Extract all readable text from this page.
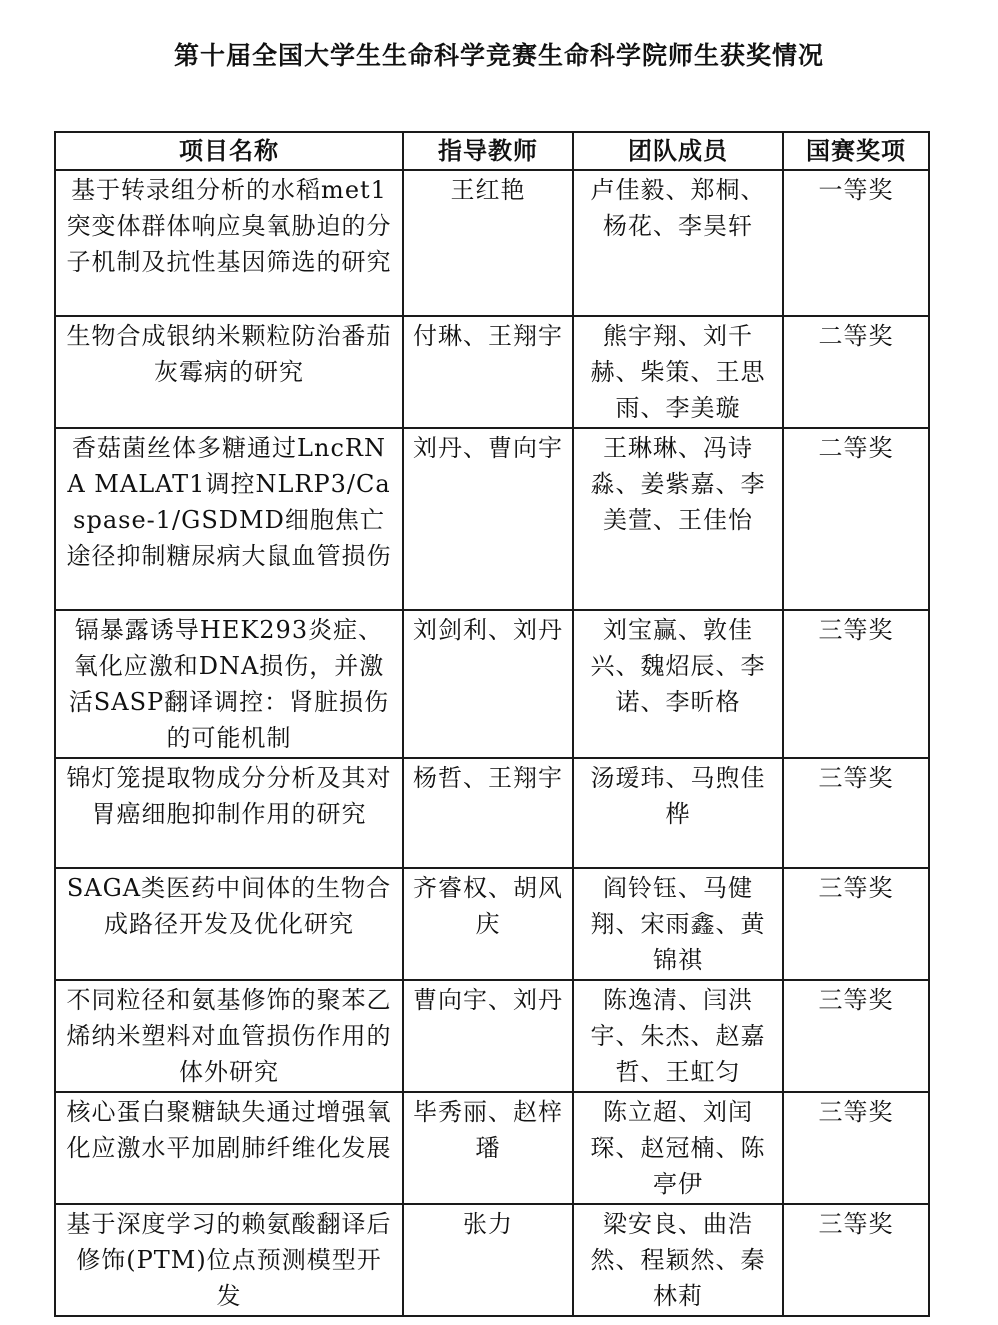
第十届全国大学生生命科学竞赛生命科学院师生获奖情况
项目名称	指导教师	团队成员	国赛奖项
基于转录组分析的水稻met1突变体群体响应臭氧胁迫的分子机制及抗性基因筛选的研究	王红艳	卢佳毅、郑桐、杨花、李昊轩	一等奖
生物合成银纳米颗粒防治番茄灰霉病的研究	付琳、王翔宇	熊宇翔、刘千赫、柴策、王思雨、李美璇	二等奖
香菇菌丝体多糖通过LncRNA MALAT1调控NLRP3/Caspase-1/GSDMD细胞焦亡途径抑制糖尿病大鼠血管损伤	刘丹、曹向宇	王琳琳、冯诗淼、姜紫嘉、李美萱、王佳怡	二等奖
镉暴露诱导HEK293炎症、氧化应激和DNA损伤，并激活SASP翻译调控：肾脏损伤的可能机制	刘剑利、刘丹	刘宝赢、敦佳兴、魏炤辰、李诺、李昕格	三等奖
锦灯笼提取物成分分析及其对胃癌细胞抑制作用的研究	杨哲、王翔宇	汤瑷玮、马煦佳桦	三等奖
SAGA类医药中间体的生物合成路径开发及优化研究	齐睿权、胡风庆	阎铃钰、马健翔、宋雨鑫、黄锦祺	三等奖
不同粒径和氨基修饰的聚苯乙烯纳米塑料对血管损伤作用的体外研究	曹向宇、刘丹	陈逸清、闫洪宇、朱杰、赵嘉哲、王虹匀	三等奖
核心蛋白聚糖缺失通过增强氧化应激水平加剧肺纤维化发展	毕秀丽、赵梓璠	陈立超、刘闰琛、赵冠楠、陈亭伊	三等奖
基于深度学习的赖氨酸翻译后修饰(PTM)位点预测模型开发	张力	梁安良、曲浩然、程颖然、秦林莉	三等奖
